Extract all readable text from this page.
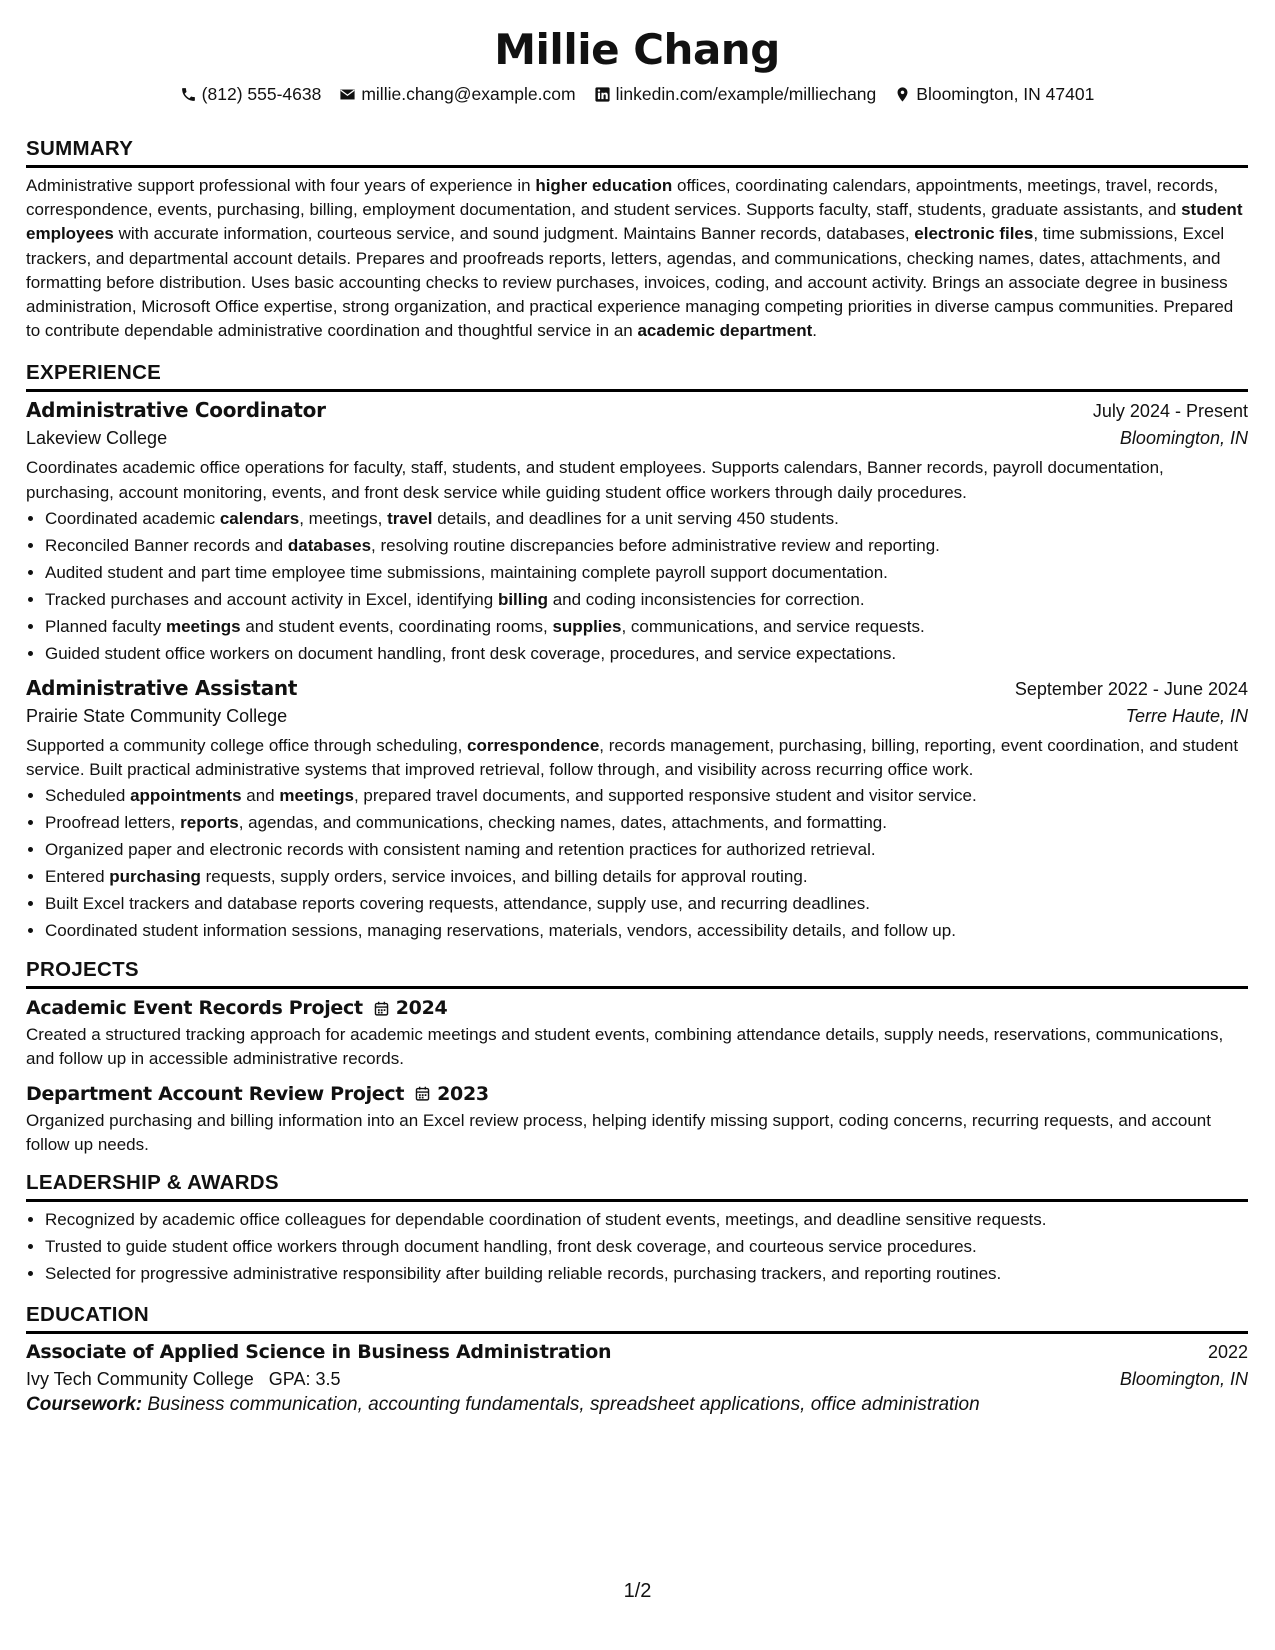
Millie Chang
(812) 555-4638 millie.chang@example.com linkedin.com/example/milliechang Bloomington, IN 47401
SUMMARY

Administrative support professional with four years of experience in higher education offices, coordinating calendars, appointments, meetings, travel, records, correspondence, events, purchasing, billing, employment documentation, and student services. Supports faculty, staff, students, graduate assistants, and student employees with accurate information, courteous service, and sound judgment. Maintains Banner records, databases, electronic files, time submissions, Excel trackers, and departmental account details. Prepares and proofreads reports, letters, agendas, and communications, checking names, dates, attachments, and formatting before distribution. Uses basic accounting checks to review purchases, invoices, coding, and account activity. Brings an associate degree in business administration, Microsoft Office expertise, strong organization, and practical experience managing competing priorities in diverse campus communities. Prepared to contribute dependable administrative coordination and thoughtful service in an academic department.

EXPERIENCE
Administrative Coordinator	July 2024 - Present
Lakeview College	Bloomington, IN

Coordinates academic office operations for faculty, staff, students, and student employees. Supports calendars, Banner records, payroll documentation, purchasing, account monitoring, events, and front desk service while guiding student office workers through daily procedures.

• Coordinated academic calendars, meetings, travel details, and deadlines for a unit serving 450 students.
• Reconciled Banner records and databases, resolving routine discrepancies before administrative review and reporting.
• Audited student and part time employee time submissions, maintaining complete payroll support documentation.
• Tracked purchases and account activity in Excel, identifying billing and coding inconsistencies for correction.
• Planned faculty meetings and student events, coordinating rooms, supplies, communications, and service requests.
• Guided student office workers on document handling, front desk coverage, procedures, and service expectations.
Administrative Assistant	September 2022 - June 2024
Prairie State Community College	Terre Haute, IN

Supported a community college office through scheduling, correspondence, records management, purchasing, billing, reporting, event coordination, and student service. Built practical administrative systems that improved retrieval, follow through, and visibility across recurring office work.

• Scheduled appointments and meetings, prepared travel documents, and supported responsive student and visitor service.
• Proofread letters, reports, agendas, and communications, checking names, dates, attachments, and formatting.
• Organized paper and electronic records with consistent naming and retention practices for authorized retrieval.
• Entered purchasing requests, supply orders, service invoices, and billing details for approval routing.
• Built Excel trackers and database reports covering requests, attendance, supply use, and recurring deadlines.
• Coordinated student information sessions, managing reservations, materials, vendors, accessibility details, and follow up.
PROJECTS
Academic Event Records Project 2024

Created a structured tracking approach for academic meetings and student events, combining attendance details, supply needs, reservations, communications, and follow up in accessible administrative records.

Department Account Review Project 2023

Organized purchasing and billing information into an Excel review process, helping identify missing support, coding concerns, recurring requests, and account follow up needs.

LEADERSHIP & AWARDS
• Recognized by academic office colleagues for dependable coordination of student events, meetings, and deadline sensitive requests.
• Trusted to guide student office workers through document handling, front desk coverage, and courteous service procedures.
• Selected for progressive administrative responsibility after building reliable records, purchasing trackers, and reporting routines.
EDUCATION
Associate of Applied Science in Business Administration	2022
Ivy Tech Community College GPA: 3.5	Bloomington, IN
Coursework: Business communication, accounting fundamentals, spreadsheet applications, office administration
1/2
